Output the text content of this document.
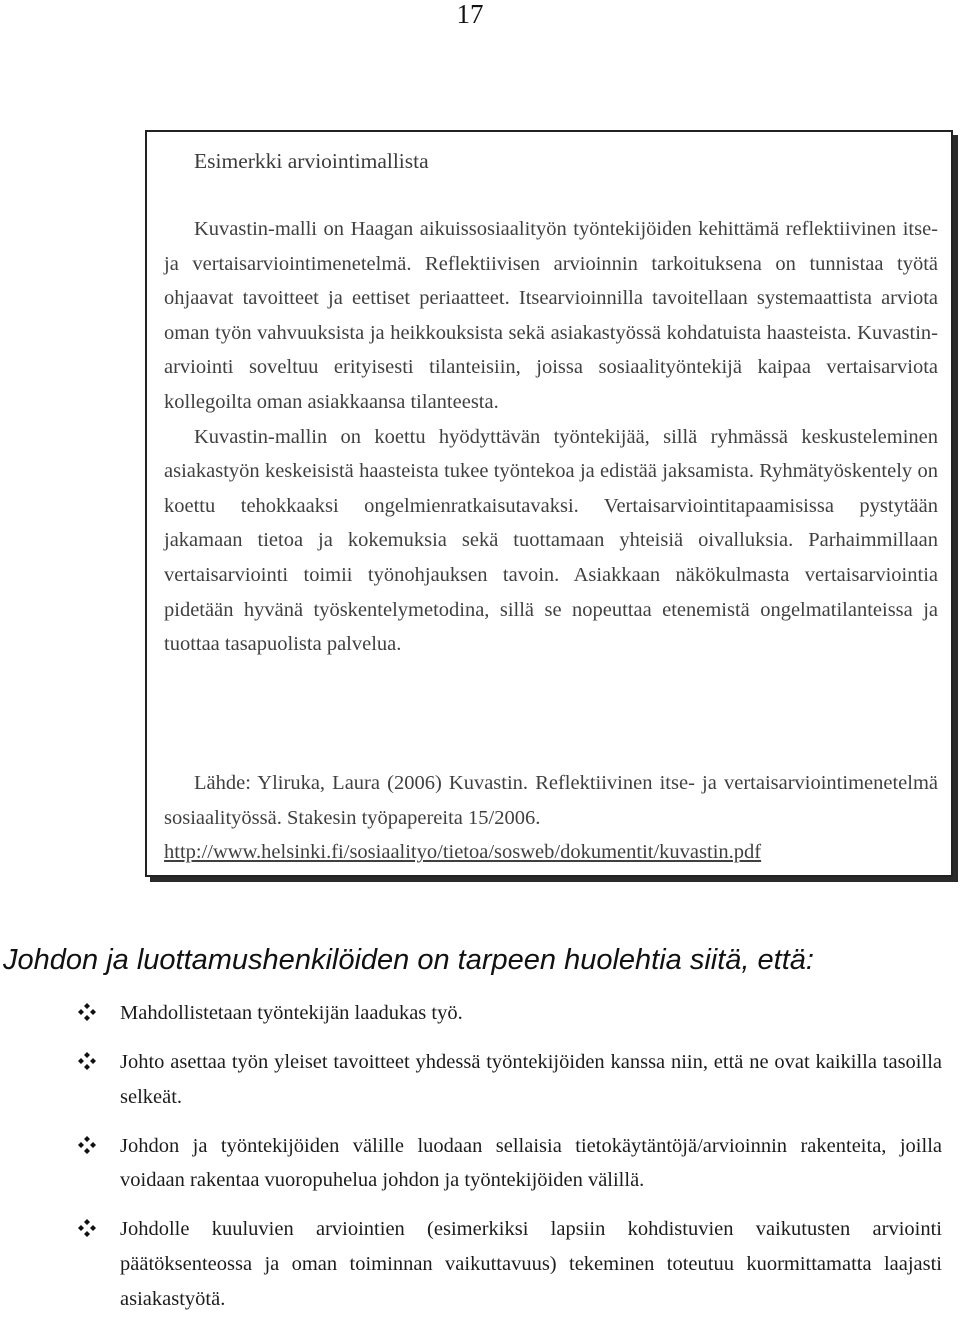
17
Esimerkki arviointimallista

Kuvastin-malli on Haagan aikuissosiaalityön työntekijöiden kehittämä reflektiivinen itse- ja vertaisarviointimenetelmä. Reflektiivisen arvioinnin tarkoituksena on tunnistaa työtä ohjaavat tavoitteet ja eettiset periaatteet. Itsearvioinnilla tavoitellaan systemaattista arviota oman työn vahvuuksista ja heikkouksista sekä asiakastyössä kohdatuista haasteista. Kuvastin-arviointi soveltuu erityisesti tilanteisiin, joissa sosiaalityöntekijä kaipaa vertaisarviota kollegoilta oman asiakkaansa tilanteesta.

Kuvastin-mallin on koettu hyödyttävän työntekijää, sillä ryhmässä keskusteleminen asiakastyön keskeisistä haasteista tukee työntekoa ja edistää jaksamista. Ryhmätyöskentely on koettu tehokkaaksi ongelmienratkaisutavaksi. Vertaisarviointitapaamisissa pystytään jakamaan tietoa ja kokemuksia sekä tuottamaan yhteisiä oivalluksia. Parhaimmillaan vertaisarviointi toimii työnohjauksen tavoin. Asiakkaan näkökulmasta vertaisarviointia pidetään hyvänä työskentelymetodina, sillä se nopeuttaa etenemistä ongelmatilanteissa ja tuottaa tasapuolista palvelua.

Lähde: Yliruka, Laura (2006) Kuvastin. Reflektiivinen itse- ja vertaisarviointimenetelmä sosiaalityössä. Stakesin työpapereita 15/2006.
http://www.helsinki.fi/sosiaalityo/tietoa/sosweb/dokumentit/kuvastin.pdf

Johdon ja luottamushenkilöiden on tarpeen huolehtia siitä, että:
Mahdollistetaan työntekijän laadukas työ.
Johto asettaa työn yleiset tavoitteet yhdessä työntekijöiden kanssa niin, että ne ovat kaikilla tasoilla selkeät.
Johdon ja työntekijöiden välille luodaan sellaisia tietokäytäntöjä/arvioinnin rakenteita, joilla voidaan rakentaa vuoropuhelua johdon ja työntekijöiden välillä.
Johdolle kuuluvien arviointien (esimerkiksi lapsiin kohdistuvien vaikutusten arviointi päätöksenteossa ja oman toiminnan vaikuttavuus) tekeminen toteutuu kuormittamatta laajasti asiakastyötä.
